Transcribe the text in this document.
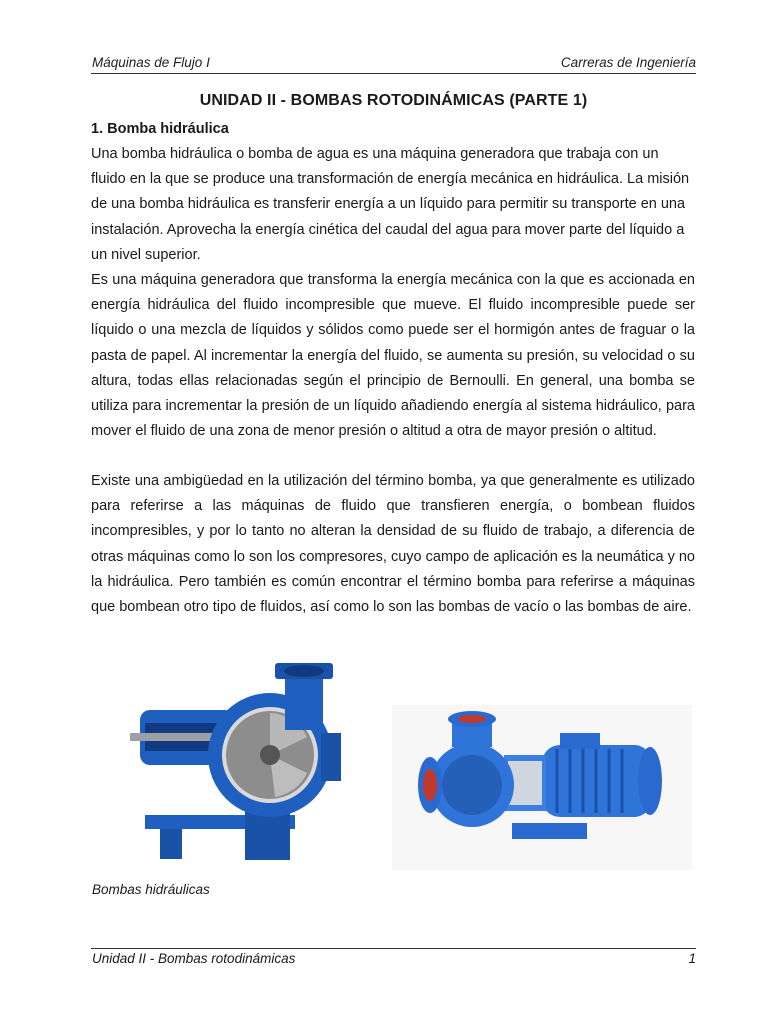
Máquinas de Flujo I	Carreras de Ingeniería
UNIDAD II - BOMBAS ROTODINÁMICAS (PARTE 1)
1. Bomba hidráulica

Una bomba hidráulica o bomba de agua es una máquina generadora que trabaja con un fluido en la que se produce una transformación de energía mecánica en hidráulica. La misión de una bomba hidráulica es transferir energía a un líquido para permitir su transporte en una instalación. Aprovecha la energía cinética del caudal del agua para mover parte del líquido a un nivel superior.

Es una máquina generadora que transforma la energía mecánica con la que es accionada en energía hidráulica del fluido incompresible que mueve. El fluido incompresible puede ser líquido o una mezcla de líquidos y sólidos como puede ser el hormigón antes de fraguar o la pasta de papel. Al incrementar la energía del fluido, se aumenta su presión, su velocidad o su altura, todas ellas relacionadas según el principio de Bernoulli. En general, una bomba se utiliza para incrementar la presión de un líquido añadiendo energía al sistema hidráulico, para mover el fluido de una zona de menor presión o altitud a otra de mayor presión o altitud.

Existe una ambigüedad en la utilización del término bomba, ya que generalmente es utilizado para referirse a las máquinas de fluido que transfieren energía, o bombean fluidos incompresibles, y por lo tanto no alteran la densidad de su fluido de trabajo, a diferencia de otras máquinas como lo son los compresores, cuyo campo de aplicación es la neumática y no la hidráulica. Pero también es común encontrar el término bomba para referirse a máquinas que bombean otro tipo de fluidos, así como lo son las bombas de vacío o las bombas de aire.

Bombas hidráulicas
Unidad II - Bombas rotodinámicas	1
